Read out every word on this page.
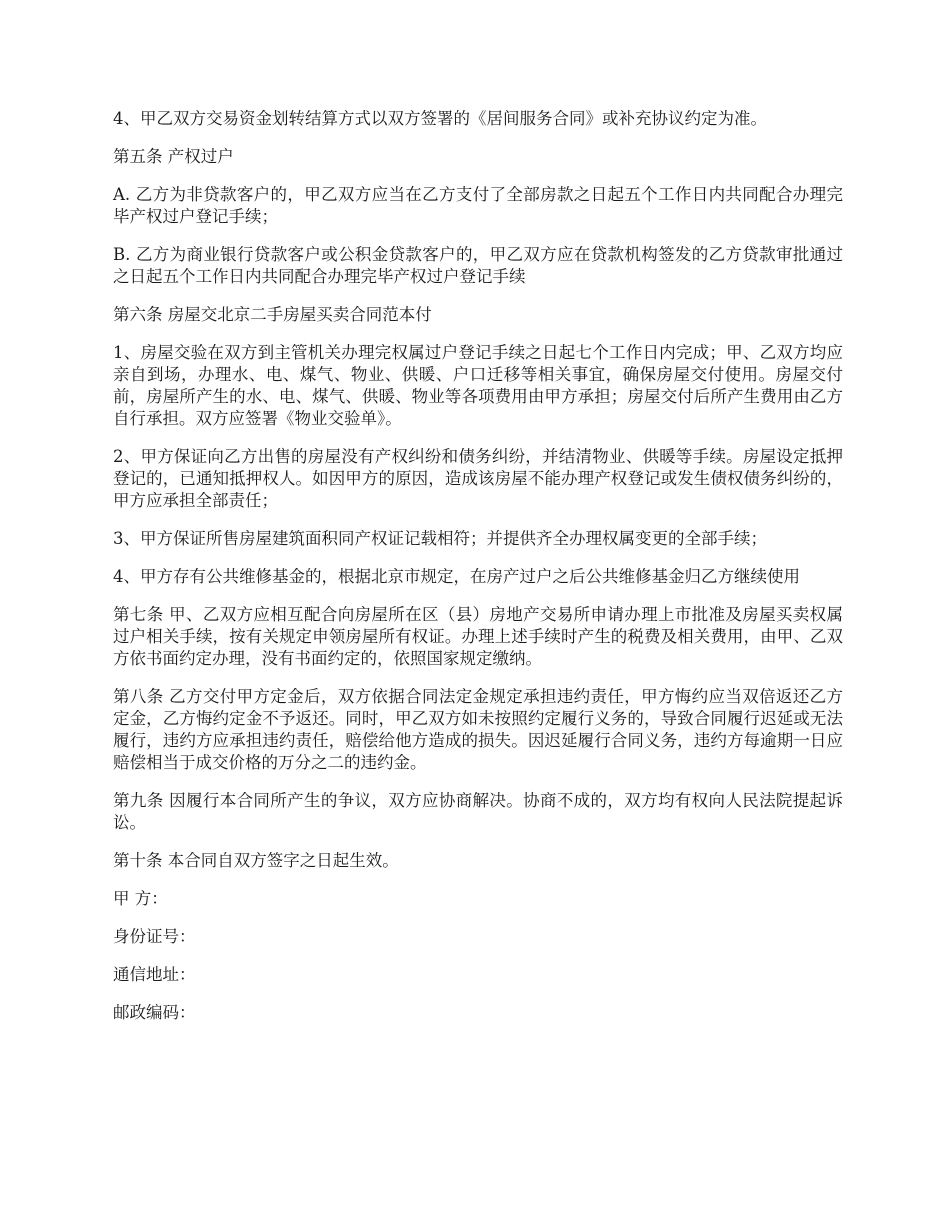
4、甲乙双方交易资金划转结算方式以双方签署的《居间服务合同》或补充协议约定为准。

第五条 产权过户

A. 乙方为非贷款客户的，甲乙双方应当在乙方支付了全部房款之日起五个工作日内共同配合办理完毕产权过户登记手续；

B. 乙方为商业银行贷款客户或公积金贷款客户的，甲乙双方应在贷款机构签发的乙方贷款审批通过之日起五个工作日内共同配合办理完毕产权过户登记手续

第六条 房屋交北京二手房屋买卖合同范本付

1、房屋交验在双方到主管机关办理完权属过户登记手续之日起七个工作日内完成；甲、乙双方均应亲自到场，办理水、电、煤气、物业、供暖、户口迁移等相关事宜，确保房屋交付使用。房屋交付前，房屋所产生的水、电、煤气、供暖、物业等各项费用由甲方承担；房屋交付后所产生费用由乙方自行承担。双方应签署《物业交验单》。

2、甲方保证向乙方出售的房屋没有产权纠纷和债务纠纷，并结清物业、供暖等手续。房屋设定抵押登记的，已通知抵押权人。如因甲方的原因，造成该房屋不能办理产权登记或发生债权债务纠纷的，甲方应承担全部责任；

3、甲方保证所售房屋建筑面积同产权证记载相符；并提供齐全办理权属变更的全部手续；

4、甲方存有公共维修基金的，根据北京市规定，在房产过户之后公共维修基金归乙方继续使用

第七条 甲、乙双方应相互配合向房屋所在区（县）房地产交易所申请办理上市批准及房屋买卖权属过户相关手续，按有关规定申领房屋所有权证。办理上述手续时产生的税费及相关费用，由甲、乙双方依书面约定办理，没有书面约定的，依照国家规定缴纳。

第八条 乙方交付甲方定金后，双方依据合同法定金规定承担违约责任，甲方悔约应当双倍返还乙方定金，乙方悔约定金不予返还。同时，甲乙双方如未按照约定履行义务的，导致合同履行迟延或无法履行，违约方应承担违约责任，赔偿给他方造成的损失。因迟延履行合同义务，违约方每逾期一日应赔偿相当于成交价格的万分之二的违约金。

第九条 因履行本合同所产生的争议，双方应协商解决。协商不成的，双方均有权向人民法院提起诉讼。

第十条 本合同自双方签字之日起生效。

甲 方：

身份证号：

通信地址：

邮政编码：
